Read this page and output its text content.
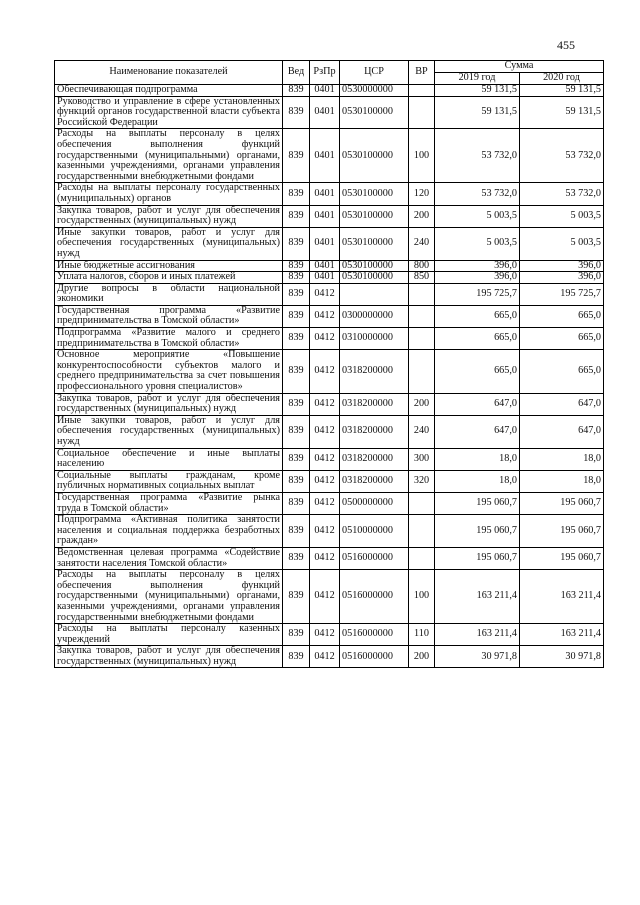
455
Наименование показателей	Вед	РзПр	ЦСР	ВР	Сумма	
					2019 год	2020 год
Обеспечивающая подпрограмма	839	0401	0530000000		59 131,5	59 131,5
Руководство и управление в сфере установленных функций органов государственной власти субъекта Российской Федерации	839	0401	0530100000		59 131,5	59 131,5
Расходы на выплаты персоналу в целях обеспечения выполнения функций государственными (муниципальными) органами, казенными учреждениями, органами управления государственными внебюджетными фондами	839	0401	0530100000	100	53 732,0	53 732,0
Расходы на выплаты персоналу государственных (муниципальных) органов	839	0401	0530100000	120	53 732,0	53 732,0
Закупка товаров, работ и услуг для обеспечения государственных (муниципальных) нужд	839	0401	0530100000	200	5 003,5	5 003,5
Иные закупки товаров, работ и услуг для обеспечения государственных (муниципальных) нужд	839	0401	0530100000	240	5 003,5	5 003,5
Иные бюджетные ассигнования	839	0401	0530100000	800	396,0	396,0
Уплата налогов, сборов и иных платежей	839	0401	0530100000	850	396,0	396,0
Другие вопросы в области национальной экономики	839	0412			195 725,7	195 725,7
Государственная программа «Развитие предпринимательства в Томской области»	839	0412	0300000000		665,0	665,0
Подпрограмма «Развитие малого и среднего предпринимательства в Томской области»	839	0412	0310000000		665,0	665,0
Основное мероприятие «Повышение конкурентоспособности субъектов малого и среднего предпринимательства за счет повышения профессионального уровня специалистов»	839	0412	0318200000		665,0	665,0
Закупка товаров, работ и услуг для обеспечения государственных (муниципальных) нужд	839	0412	0318200000	200	647,0	647,0
Иные закупки товаров, работ и услуг для обеспечения государственных (муниципальных) нужд	839	0412	0318200000	240	647,0	647,0
Социальное обеспечение и иные выплаты населению	839	0412	0318200000	300	18,0	18,0
Социальные выплаты гражданам, кроме публичных нормативных социальных выплат	839	0412	0318200000	320	18,0	18,0
Государственная программа «Развитие рынка труда в Томской области»	839	0412	0500000000		195 060,7	195 060,7
Подпрограмма «Активная политика занятости населения и социальная поддержка безработных граждан»	839	0412	0510000000		195 060,7	195 060,7
Ведомственная целевая программа «Содействие занятости населения Томской области»	839	0412	0516000000		195 060,7	195 060,7
Расходы на выплаты персоналу в целях обеспечения выполнения функций государственными (муниципальными) органами, казенными учреждениями, органами управления государственными внебюджетными фондами	839	0412	0516000000	100	163 211,4	163 211,4
Расходы на выплаты персоналу казенных учреждений	839	0412	0516000000	110	163 211,4	163 211,4
Закупка товаров, работ и услуг для обеспечения государственных (муниципальных) нужд	839	0412	0516000000	200	30 971,8	30 971,8
